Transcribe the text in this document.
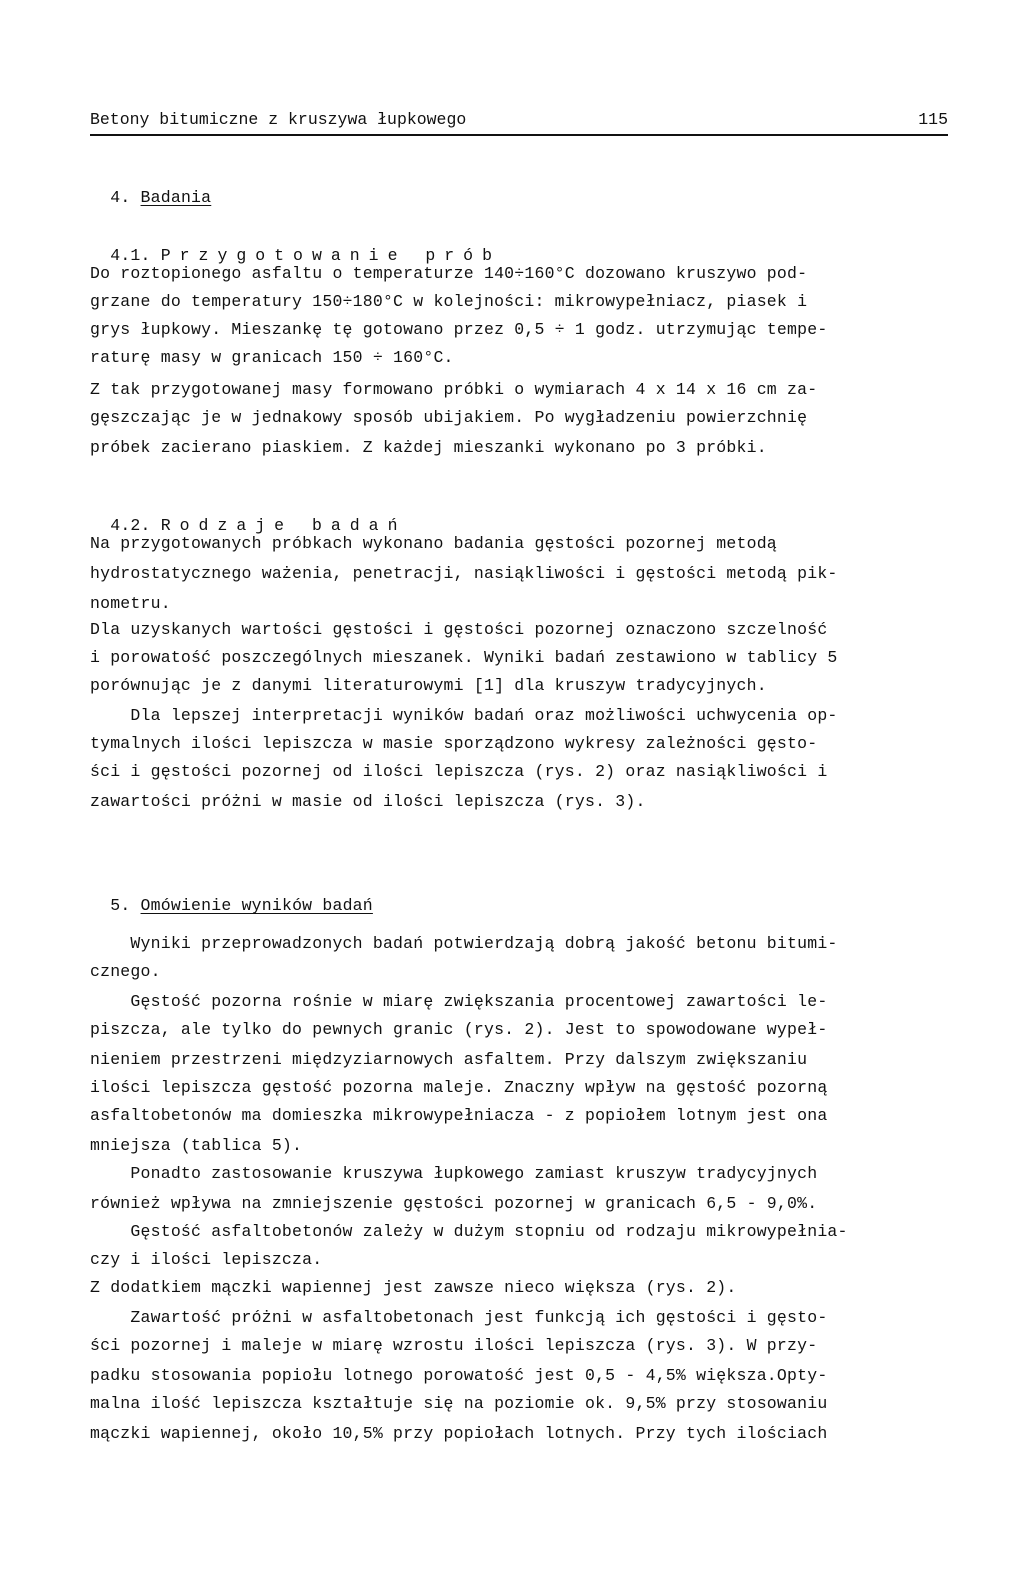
Betony bitumiczne z kruszywa łupkowego	115

4. Badania

4.1. Przygotowanie prób

Do roztopionego asfaltu o temperaturze 140÷160°C dozowano kruszywo pod-
grzane do temperatury 150÷180°C w kolejności: mikrowypełniacz, piasek i
grys łupkowy. Mieszankę tę gotowano przez 0,5 ÷ 1 godz. utrzymując tempe-
raturę masy w granicach 150 ÷ 160°C.
Z tak przygotowanej masy formowano próbki o wymiarach 4 x 14 x 16 cm za-
gęszczając je w jednakowy sposób ubijakiem. Po wygładzeniu powierzchnię
próbek zacierano piaskiem. Z każdej mieszanki wykonano po 3 próbki.

4.2. Rodzaje badań

Na przygotowanych próbkach wykonano badania gęstości pozornej metodą
hydrostatycznego ważenia, penetracji, nasiąkliwości i gęstości metodą pik-
nometru.
Dla uzyskanych wartości gęstości i gęstości pozornej oznaczono szczelność
i porowatość poszczególnych mieszanek. Wyniki badań zestawiono w tablicy 5
porównując je z danymi literaturowymi [1] dla kruszyw tradycyjnych.
Dla lepszej interpretacji wyników badań oraz możliwości uchwycenia op-
tymalnych ilości lepiszcza w masie sporządzono wykresy zależności gęsto-
ści i gęstości pozornej od ilości lepiszcza (rys. 2) oraz nasiąkliwości i
zawartości próżni w masie od ilości lepiszcza (rys. 3).

5. Omówienie wyników badań

Wyniki przeprowadzonych badań potwierdzają dobrą jakość betonu bitumi-
cznego.
Gęstość pozorna rośnie w miarę zwiększania procentowej zawartości le-
piszcza, ale tylko do pewnych granic (rys. 2). Jest to spowodowane wypeł-
nieniem przestrzeni międzyziarnowych asfaltem. Przy dalszym zwiększaniu
ilości lepiszcza gęstość pozorna maleje. Znaczny wpływ na gęstość pozorną
asfaltobetonów ma domieszka mikrowypełniacza - z popiołem lotnym jest ona
mniejsza (tablica 5).
Ponadto zastosowanie kruszywa łupkowego zamiast kruszyw tradycyjnych
również wpływa na zmniejszenie gęstości pozornej w granicach 6,5 - 9,0%.
Gęstość asfaltobetonów zależy w dużym stopniu od rodzaju mikrowypełnia-
czy i ilości lepiszcza.
Z dodatkiem mączki wapiennej jest zawsze nieco większa (rys. 2).
Zawartość próżni w asfaltobetonach jest funkcją ich gęstości i gęsto-
ści pozornej i maleje w miarę wzrostu ilości lepiszcza (rys. 3). W przy-
padku stosowania popiołu lotnego porowatość jest 0,5 - 4,5% większa.Opty-
malna ilość lepiszcza kształtuje się na poziomie ok. 9,5% przy stosowaniu
mączki wapiennej, około 10,5% przy popiołach lotnych. Przy tych ilościach
